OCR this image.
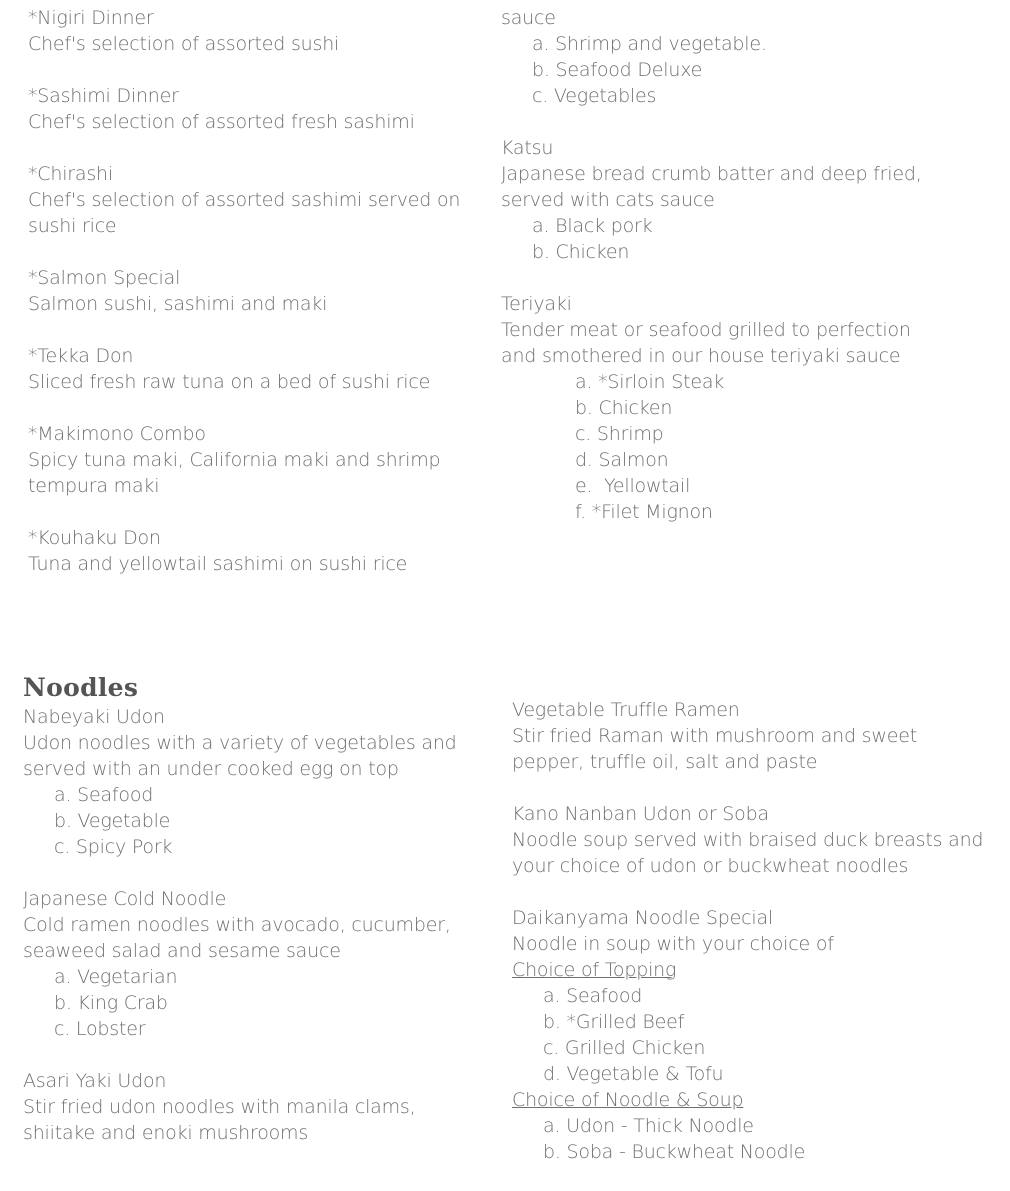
*Nigiri Dinner

Chef's selection of assorted sushi

*Sashimi Dinner

Chef's selection of assorted fresh sashimi

*Chirashi

Chef's selection of assorted sashimi served on sushi rice

*Salmon Special

Salmon sushi, sashimi and maki

*Tekka Don

Sliced fresh raw tuna on a bed of sushi rice

*Makimono Combo

Spicy tuna maki, California maki and shrimp tempura maki

*Kouhaku Don

Tuna and yellowtail sashimi on sushi rice

sauce

a. Shrimp and vegetable.

b. Seafood Deluxe

c. Vegetables

Katsu

Japanese bread crumb batter and deep fried, served with cats sauce

a. Black pork

b. Chicken

Teriyaki

Tender meat or seafood grilled to perfection and smothered in our house teriyaki sauce

a. *Sirloin Steak

b. Chicken

c. Shrimp

d. Salmon

e.  Yellowtail

f. *Filet Mignon

Noodles

Nabeyaki Udon

Udon noodles with a variety of vegetables and served with an under cooked egg on top

a. Seafood

b. Vegetable

c. Spicy Pork

Japanese Cold Noodle

Cold ramen noodles with avocado, cucumber, seaweed salad and sesame sauce

a. Vegetarian

b. King Crab

c. Lobster

Asari Yaki Udon

Stir fried udon noodles with manila clams, shiitake and enoki mushrooms

Vegetable Truffle Ramen

Stir fried Raman with mushroom and sweet pepper, truffle oil, salt and paste

Kano Nanban Udon or Soba

Noodle soup served with braised duck breasts and your choice of udon or buckwheat noodles

Daikanyama Noodle Special

Noodle in soup with your choice of

Choice of Topping

a. Seafood

b. *Grilled Beef

c. Grilled Chicken

d. Vegetable & Tofu

Choice of Noodle & Soup

a. Udon - Thick Noodle

b. Soba - Buckwheat Noodle
